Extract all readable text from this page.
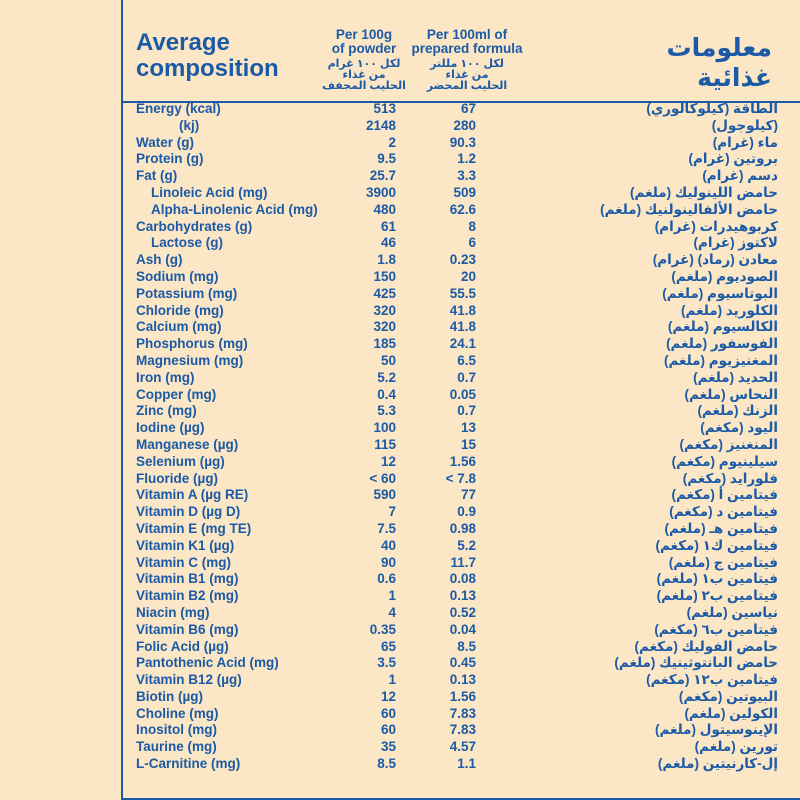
Average
composition
Per 100g
of powder
لكل ١٠٠ غرام
من غذاء
الحليب المجفف
Per 100ml of
prepared formula
لكل ١٠٠ مللتر
من غذاء
الحليب المحضر
معلومات
غذائية
Energy (kcal)	513	67	الطاقة (كيلوكالوري)
(kj)	2148	280	(كيلوجول)
Water (g)	2	90.3	ماء (غرام)
Protein (g)	9.5	1.2	بروتين (غرام)
Fat (g)	25.7	3.3	دسم (غرام)
Linoleic Acid (mg)	3900	509	حامض اللينوليك (ملغم)
Alpha-Linolenic Acid (mg)	480	62.6	حامض الألفالينولنيك (ملغم)
Carbohydrates (g)	61	8	كربوهيدرات (غرام)
Lactose (g)	46	6	لاكتوز (غرام)
Ash (g)	1.8	0.23	معادن (رماد) (غرام)
Sodium (mg)	150	20	الصوديوم (ملغم)
Potassium (mg)	425	55.5	البوتاسيوم (ملغم)
Chloride (mg)	320	41.8	الكلوريد (ملغم)
Calcium (mg)	320	41.8	الكالسيوم (ملغم)
Phosphorus (mg)	185	24.1	الفوسفور (ملغم)
Magnesium (mg)	50	6.5	المغنيزيوم (ملغم)
Iron (mg)	5.2	0.7	الحديد (ملغم)
Copper (mg)	0.4	0.05	النحاس (ملغم)
Zinc (mg)	5.3	0.7	الزنك (ملغم)
Iodine (µg)	100	13	اليود (مكغم)
Manganese (µg)	115	15	المنغنيز (مكغم)
Selenium (µg)	12	1.56	سيلينيوم (مكغم)
Fluoride (µg)	< 60	< 7.8	فلورايد (مكغم)
Vitamin A (µg RE)	590	77	فيتامين أ (مكغم)
Vitamin D (µg D)	7	0.9	فيتامين د (مكغم)
Vitamin E (mg TE)	7.5	0.98	فيتامين هـ (ملغم)
Vitamin K1 (µg)	40	5.2	فيتامين ك١ (مكغم)
Vitamin C (mg)	90	11.7	فيتامين ج (ملغم)
Vitamin B1 (mg)	0.6	0.08	فيتامين ب١ (ملغم)
Vitamin B2 (mg)	1	0.13	فيتامين ب٢ (ملغم)
Niacin (mg)	4	0.52	نياسين (ملغم)
Vitamin B6 (mg)	0.35	0.04	فيتامين ب٦ (مكغم)
Folic Acid (µg)	65	8.5	حامض الفوليك (مكغم)
Pantothenic Acid (mg)	3.5	0.45	حامض البانتوثينيك (ملغم)
Vitamin B12 (µg)	1	0.13	فيتامين ب١٢ (مكغم)
Biotin (µg)	12	1.56	البيوتين (مكغم)
Choline (mg)	60	7.83	الكولين (ملغم)
Inositol (mg)	60	7.83	الإينوسيتول (ملغم)
Taurine (mg)	35	4.57	تورين (ملغم)
L-Carnitine (mg)	8.5	1.1	إل-كارنيتين (ملغم)
